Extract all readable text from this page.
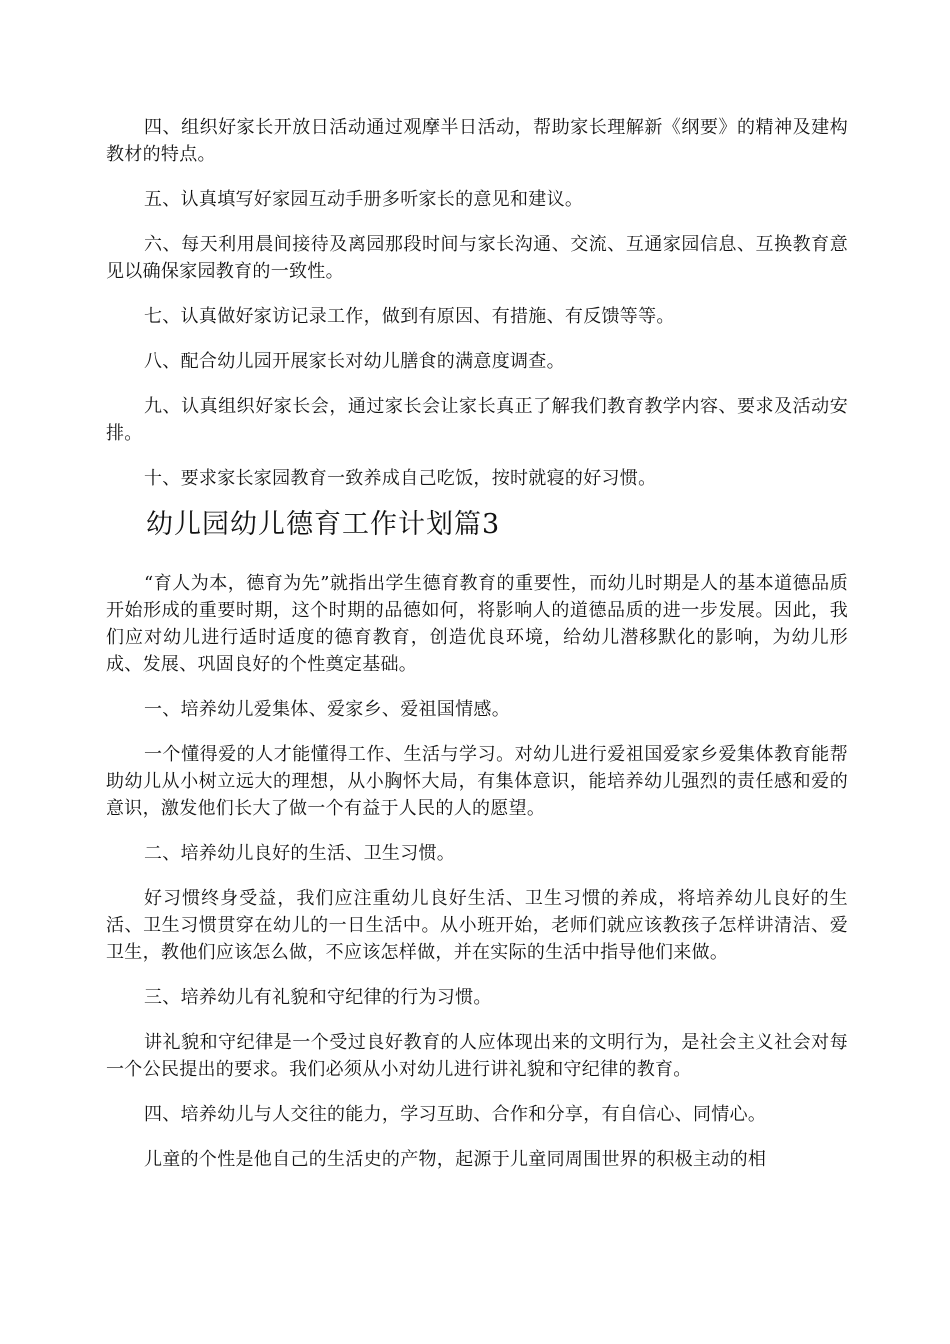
四、组织好家长开放日活动通过观摩半日活动，帮助家长理解新《纲要》的精神及建构教材的特点。

五、认真填写好家园互动手册多听家长的意见和建议。

六、每天利用晨间接待及离园那段时间与家长沟通、交流、互通家园信息、互换教育意见以确保家园教育的一致性。

七、认真做好家访记录工作，做到有原因、有措施、有反馈等等。

八、配合幼儿园开展家长对幼儿膳食的满意度调查。

九、认真组织好家长会，通过家长会让家长真正了解我们教育教学内容、要求及活动安排。

十、要求家长家园教育一致养成自己吃饭，按时就寝的好习惯。

幼儿园幼儿德育工作计划篇3

“育人为本，德育为先”就指出学生德育教育的重要性，而幼儿时期是人的基本道德品质开始形成的重要时期，这个时期的品德如何，将影响人的道德品质的进一步发展。因此，我们应对幼儿进行适时适度的德育教育，创造优良环境，给幼儿潜移默化的影响，为幼儿形成、发展、巩固良好的个性奠定基础。

一、培养幼儿爱集体、爱家乡、爱祖国情感。

一个懂得爱的人才能懂得工作、生活与学习。对幼儿进行爱祖国爱家乡爱集体教育能帮助幼儿从小树立远大的理想，从小胸怀大局，有集体意识，能培养幼儿强烈的责任感和爱的意识，激发他们长大了做一个有益于人民的人的愿望。

二、培养幼儿良好的生活、卫生习惯。

好习惯终身受益，我们应注重幼儿良好生活、卫生习惯的养成，将培养幼儿良好的生活、卫生习惯贯穿在幼儿的一日生活中。从小班开始，老师们就应该教孩子怎样讲清洁、爱卫生，教他们应该怎么做，不应该怎样做，并在实际的生活中指导他们来做。

三、培养幼儿有礼貌和守纪律的行为习惯。

讲礼貌和守纪律是一个受过良好教育的人应体现出来的文明行为，是社会主义社会对每一个公民提出的要求。我们必须从小对幼儿进行讲礼貌和守纪律的教育。

四、培养幼儿与人交往的能力，学习互助、合作和分享，有自信心、同情心。

儿童的个性是他自己的生活史的产物，起源于儿童同周围世界的积极主动的相
